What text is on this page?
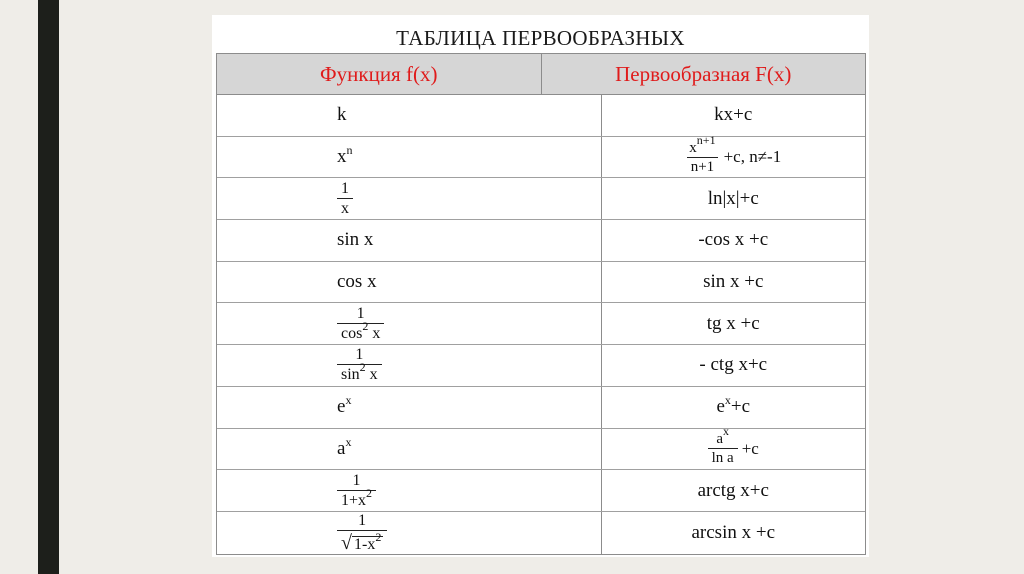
ТАБЛИЦА ПЕРВООБРАЗНЫХ
Функция f(x)	Первообразная F(x)
k	kx+c
$x^n$	$\frac{x^{n+1}}{n+1} +c$, n≠-1
$\frac{1}{x}$	ln|x|+c
sin x	-cos x +c
cos x	sin x +c
$\frac{1}{\cos^2 x}$	tg x +c
$\frac{1}{\sin^2 x}$	- ctg x+c
$e^x$	$e^x+c$
$a^x$	$\frac{a^x}{\text{ln a}} +c$
$\frac{1}{1+x^2}$	arctg x+c
$\frac{1}{√ 1-x^2}$	arcsin x +c
